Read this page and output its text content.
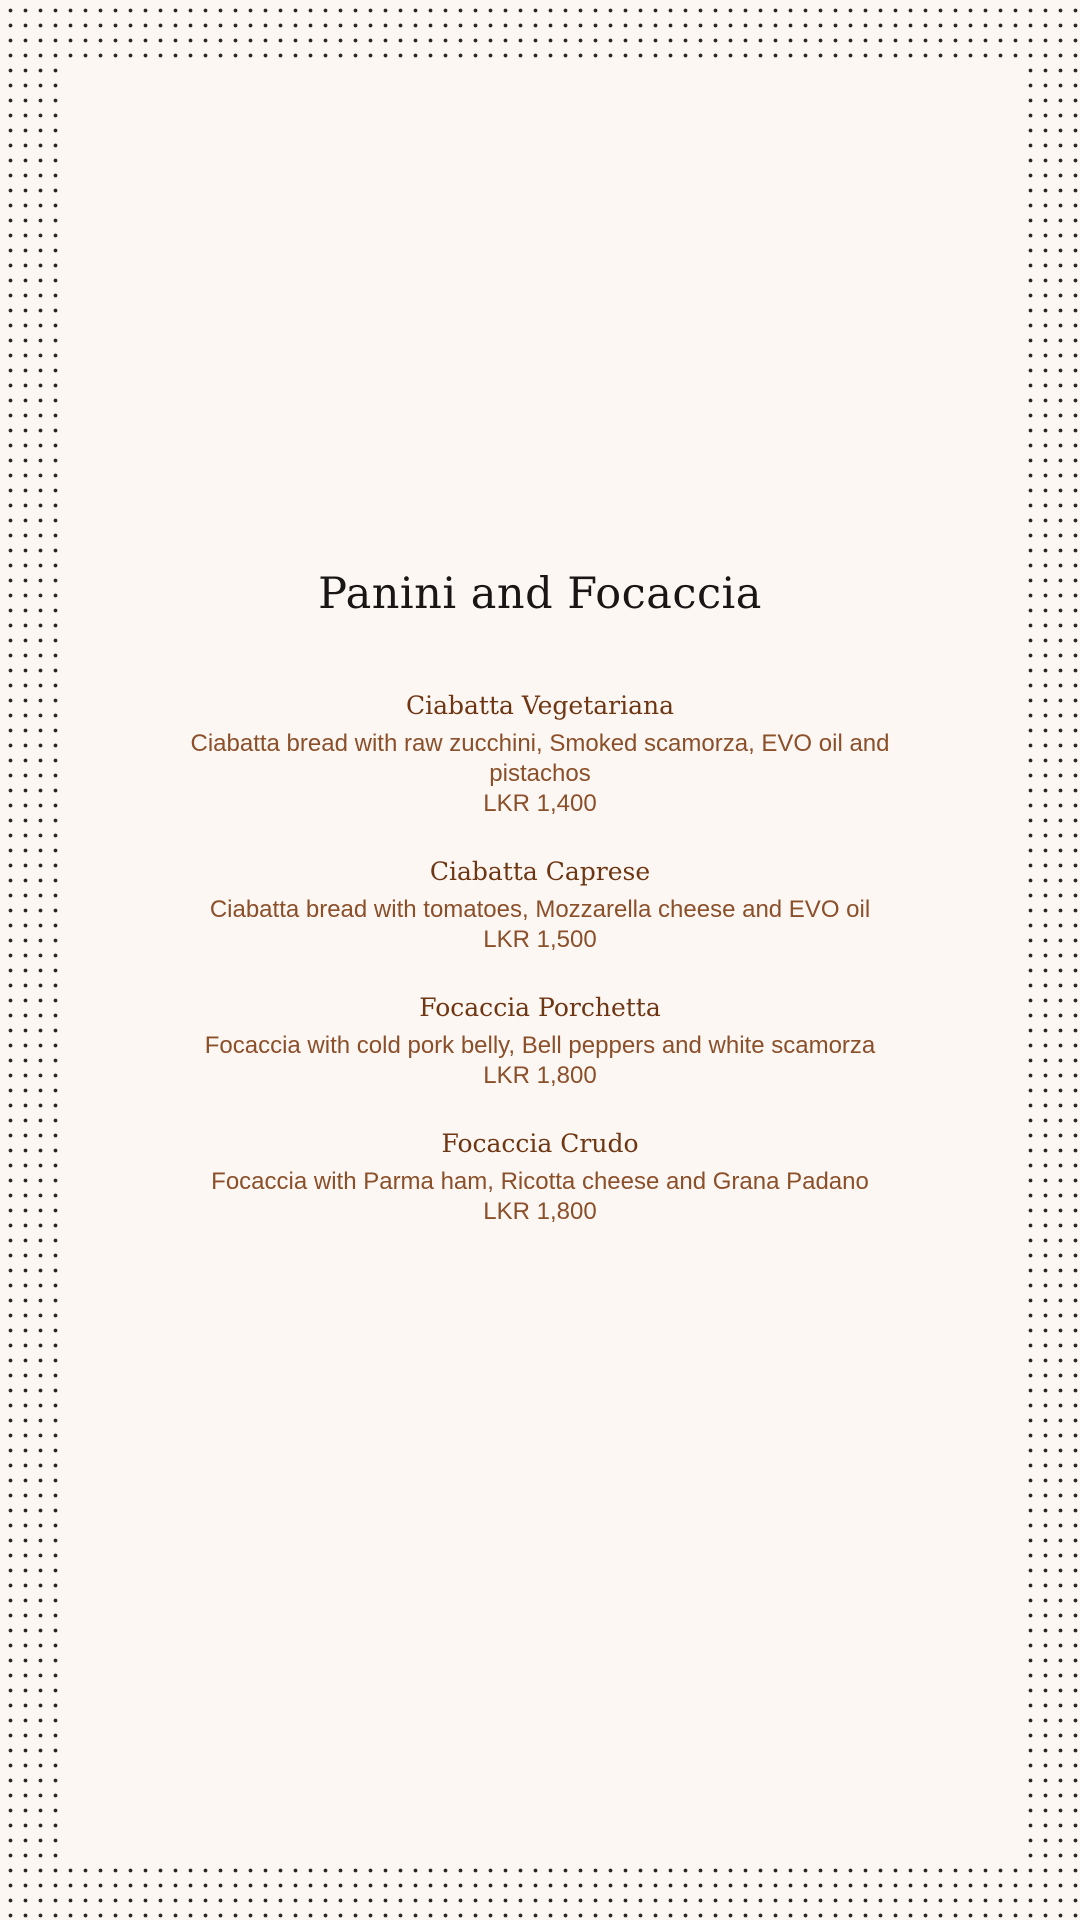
Panini and Focaccia
Ciabatta Vegetariana
Ciabatta bread with raw zucchini, Smoked scamorza, EVO oil and pistachos
LKR 1,400
Ciabatta Caprese
Ciabatta bread with tomatoes, Mozzarella cheese and EVO oil
LKR 1,500
Focaccia Porchetta
Focaccia with cold pork belly, Bell peppers and white scamorza
LKR 1,800
Focaccia Crudo
Focaccia with Parma ham, Ricotta cheese and Grana Padano
LKR 1,800
